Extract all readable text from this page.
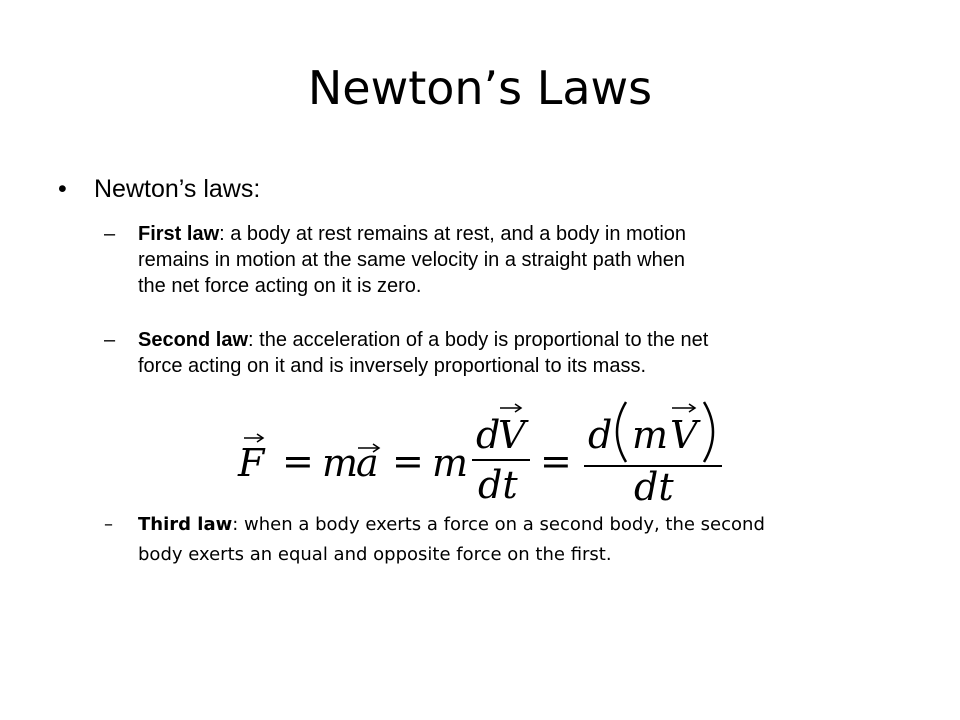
Newton’s Laws
• Newton’s laws:
– First law: a body at rest remains at rest, and a body in motion
remains in motion at the same velocity in a straight path when
the net force acting on it is zero.
– Second law: the acceleration of a body is proportional to the net
force acting on it and is inversely proportional to its mass.
F = m
a = m
d
V
dt
=
d m V
dt
– Third law: when a body exerts a force on a second body, the second
body exerts an equal and opposite force on the first.
